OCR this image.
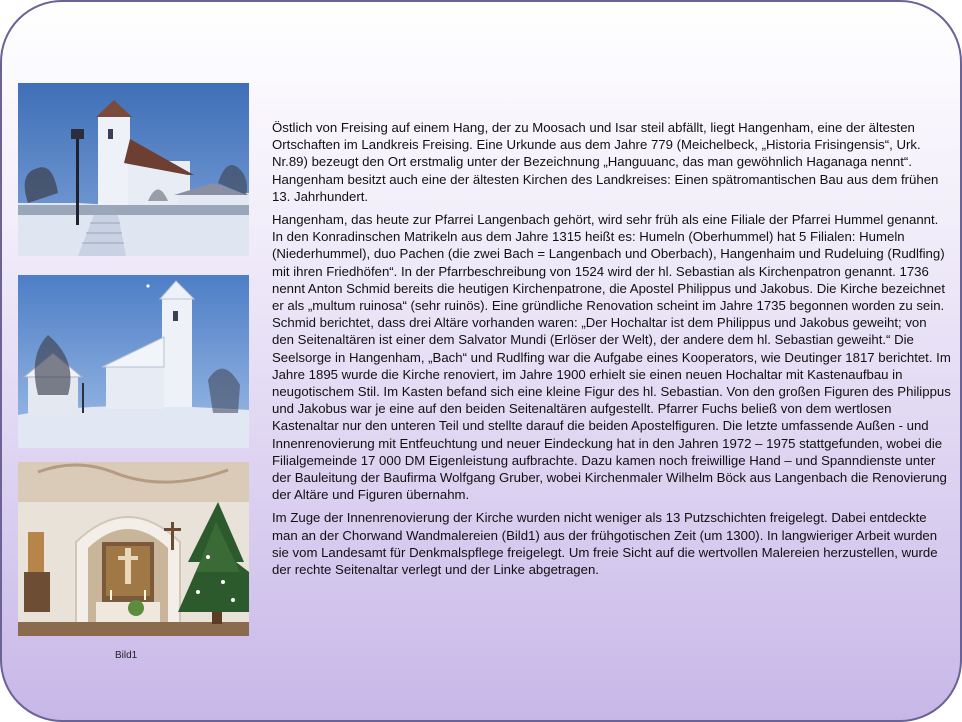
Bild1

Östlich von Freising auf einem Hang, der zu Moosach und Isar steil abfällt, liegt Hangenham, eine der ältesten Ortschaften im Landkreis Freising. Eine Urkunde aus dem Jahre 779 (Meichelbeck, „Historia Frisingensis“, Urk. Nr.89) bezeugt den Ort erstmalig unter der Bezeichnung „Hanguuanc, das man gewöhnlich Haganaga nennt“. Hangenham besitzt auch eine der ältesten Kirchen des Landkreises: Einen spätromantischen Bau aus dem frühen 13. Jahrhundert.

Hangenham, das heute zur Pfarrei Langenbach gehört, wird sehr früh als eine Filiale der Pfarrei Hummel genannt. In den Konradinschen Matrikeln aus dem Jahre 1315 heißt es: Humeln (Oberhummel) hat 5 Filialen: Humeln (Niederhummel), duo Pachen (die zwei Bach = Langenbach und Oberbach), Hangenhaim und Rudeluing (Rudlfing) mit ihren Friedhöfen“. In der Pfarrbeschreibung von 1524 wird der hl. Sebastian als Kirchenpatron genannt. 1736 nennt Anton Schmid bereits die heutigen Kirchenpatrone, die Apostel Philippus und Jakobus. Die Kirche bezeichnet er als „multum ruinosa“ (sehr ruinös). Eine gründliche Renovation scheint im Jahre 1735 begonnen worden zu sein. Schmid berichtet, dass drei Altäre vorhanden waren: „Der Hochaltar ist dem Philippus und Jakobus geweiht; von den Seitenaltären ist einer dem Salvator Mundi (Erlöser der Welt), der andere dem hl. Sebastian geweiht.“ Die Seelsorge in Hangenham, „Bach“ und Rudlfing war die Aufgabe eines Kooperators, wie Deutinger 1817 berichtet. Im Jahre 1895 wurde die Kirche renoviert, im Jahre 1900 erhielt sie einen neuen Hochaltar mit Kastenaufbau in neugotischem Stil. Im Kasten befand sich eine kleine Figur des hl. Sebastian. Von den großen Figuren des Philippus und Jakobus war je eine auf den beiden Seitenaltären aufgestellt. Pfarrer Fuchs beließ von dem wertlosen Kastenaltar nur den unteren Teil und stellte darauf die beiden Apostelfiguren. Die letzte umfassende Außen - und Innenrenovierung mit Entfeuchtung und neuer Eindeckung hat in den Jahren 1972 – 1975 stattgefunden, wobei die Filialgemeinde 17 000 DM Eigenleistung aufbrachte. Dazu kamen noch freiwillige Hand – und Spanndienste unter der Bauleitung der Baufirma Wolfgang Gruber, wobei Kirchenmaler Wilhelm Böck aus Langenbach die Renovierung der Altäre und Figuren übernahm.

Im Zuge der Innenrenovierung der Kirche wurden nicht weniger als 13 Putzschichten freigelegt. Dabei entdeckte man an der Chorwand Wandmalereien (Bild1) aus der frühgotischen Zeit (um 1300). In langwieriger Arbeit wurden sie vom Landesamt für Denkmalspflege freigelegt. Um freie Sicht auf die wertvollen Malereien herzustellen, wurde der rechte Seitenaltar verlegt und der Linke abgetragen.
